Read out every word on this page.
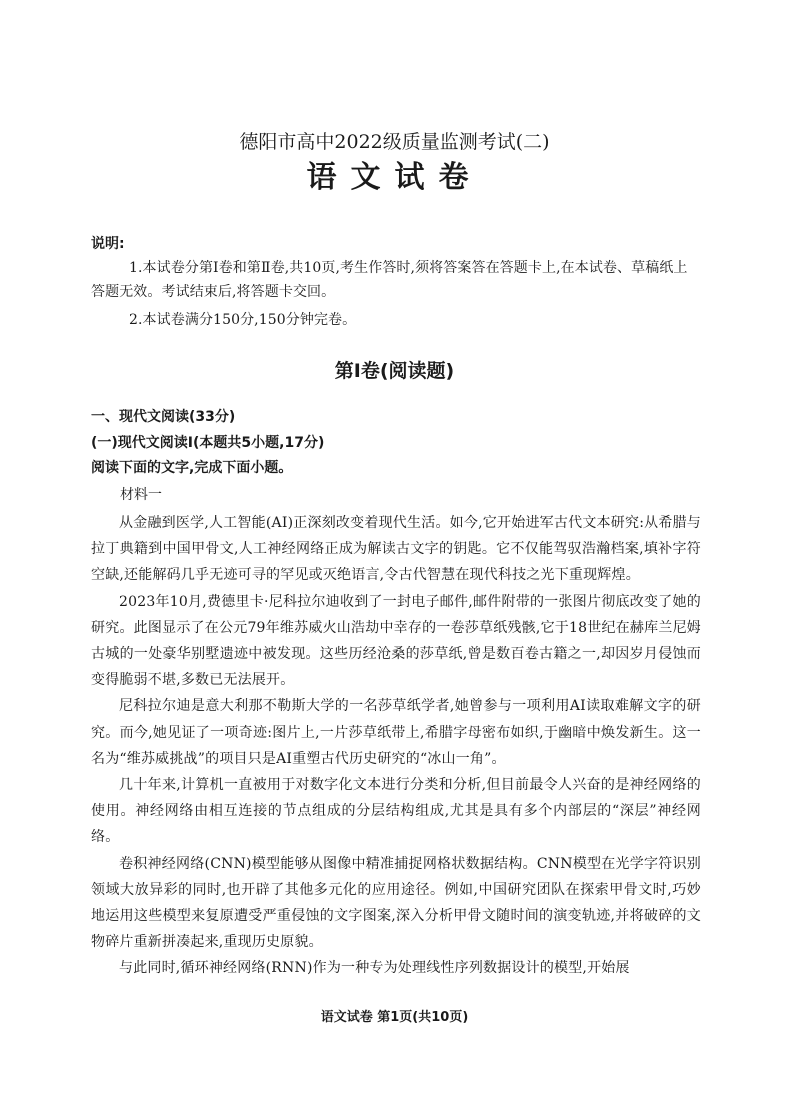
德阳市高中2022级质量监测考试(二)
语文试卷
说明:

1.本试卷分第Ⅰ卷和第Ⅱ卷,共10页,考生作答时,须将答案答在答题卡上,在本试卷、草稿纸上答题无效。考试结束后,将答题卡交回。

2.本试卷满分150分,150分钟完卷。

第Ⅰ卷(阅读题)
一、现代文阅读(33分)
(一)现代文阅读Ⅰ(本题共5小题,17分)
阅读下面的文字,完成下面小题。
材料一

从金融到医学,人工智能(AI)正深刻改变着现代生活。如今,它开始进军古代文本研究:从希腊与拉丁典籍到中国甲骨文,人工神经网络正成为解读古文字的钥匙。它不仅能驾驭浩瀚档案,填补字符空缺,还能解码几乎无迹可寻的罕见或灭绝语言,令古代智慧在现代科技之光下重现辉煌。

2023年10月,费德里卡·尼科拉尔迪收到了一封电子邮件,邮件附带的一张图片彻底改变了她的研究。此图显示了在公元79年维苏威火山浩劫中幸存的一卷莎草纸残骸,它于18世纪在赫库兰尼姆古城的一处豪华别墅遗迹中被发现。这些历经沧桑的莎草纸,曾是数百卷古籍之一,却因岁月侵蚀而变得脆弱不堪,多数已无法展开。

尼科拉尔迪是意大利那不勒斯大学的一名莎草纸学者,她曾参与一项利用AI读取难解文字的研究。而今,她见证了一项奇迹:图片上,一片莎草纸带上,希腊字母密布如织,于幽暗中焕发新生。这一名为“维苏威挑战”的项目只是AI重塑古代历史研究的“冰山一角”。

几十年来,计算机一直被用于对数字化文本进行分类和分析,但目前最令人兴奋的是神经网络的使用。神经网络由相互连接的节点组成的分层结构组成,尤其是具有多个内部层的“深层”神经网络。

卷积神经网络(CNN)模型能够从图像中精准捕捉网格状数据结构。CNN模型在光学字符识别领域大放异彩的同时,也开辟了其他多元化的应用途径。例如,中国研究团队在探索甲骨文时,巧妙地运用这些模型来复原遭受严重侵蚀的文字图案,深入分析甲骨文随时间的演变轨迹,并将破碎的文物碎片重新拼凑起来,重现历史原貌。

与此同时,循环神经网络(RNN)作为一种专为处理线性序列数据设计的模型,开始展

语文试卷 第1页(共10页)
